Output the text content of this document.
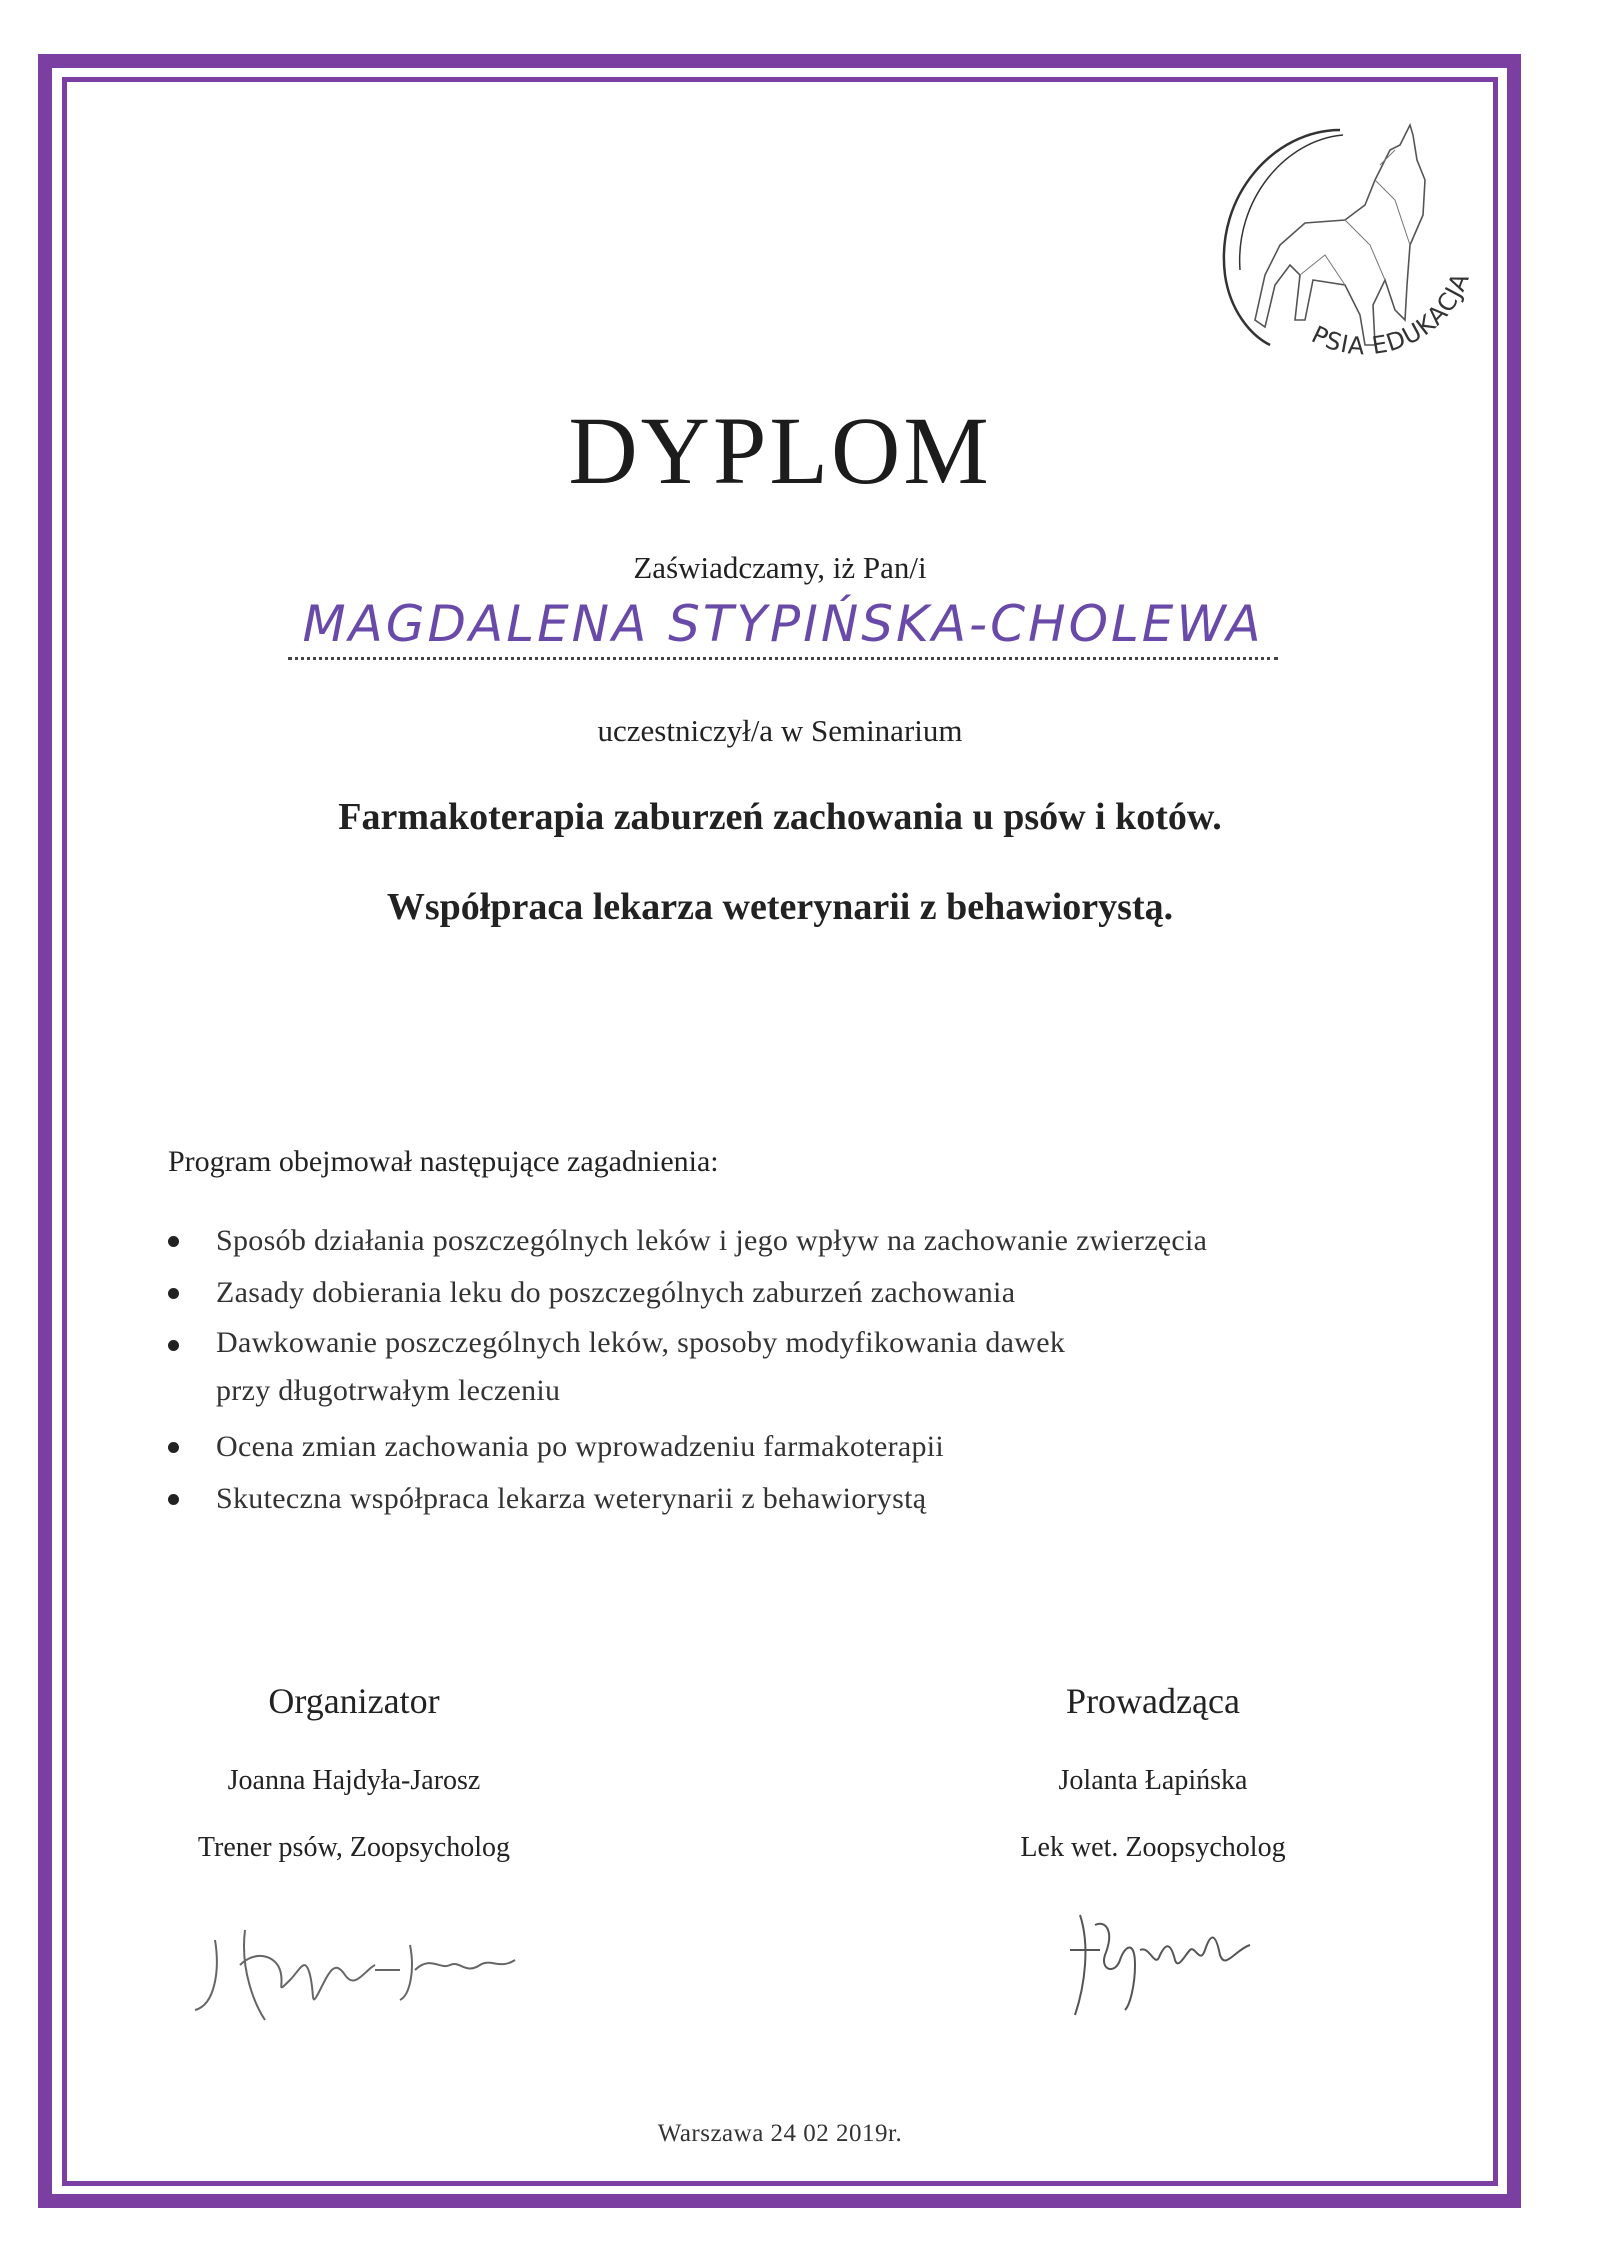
PSIA EDUKACJA
DYPLOM
Zaświadczamy, iż Pan/i
MAGDALENA STYPIŃSKA-CHOLEWA
uczestniczył/a w Seminarium
Farmakoterapia zaburzeń zachowania u psów i kotów.
Współpraca lekarza weterynarii z behawiorystą.
Program obejmował następujące zagadnienia:
Sposób działania poszczególnych leków i jego wpływ na zachowanie zwierzęcia
Zasady dobierania leku do poszczególnych zaburzeń zachowania
Dawkowanie poszczególnych leków, sposoby modyfikowania dawek przy długotrwałym leczeniu
Ocena zmian zachowania po wprowadzeniu farmakoterapii
Skuteczna współpraca lekarza weterynarii z behawiorystą
Organizator
Joanna Hajdyła-Jarosz
Trener psów, Zoopsycholog
Prowadząca
Jolanta Łapińska
Lek wet. Zoopsycholog
Warszawa 24 02 2019r.
